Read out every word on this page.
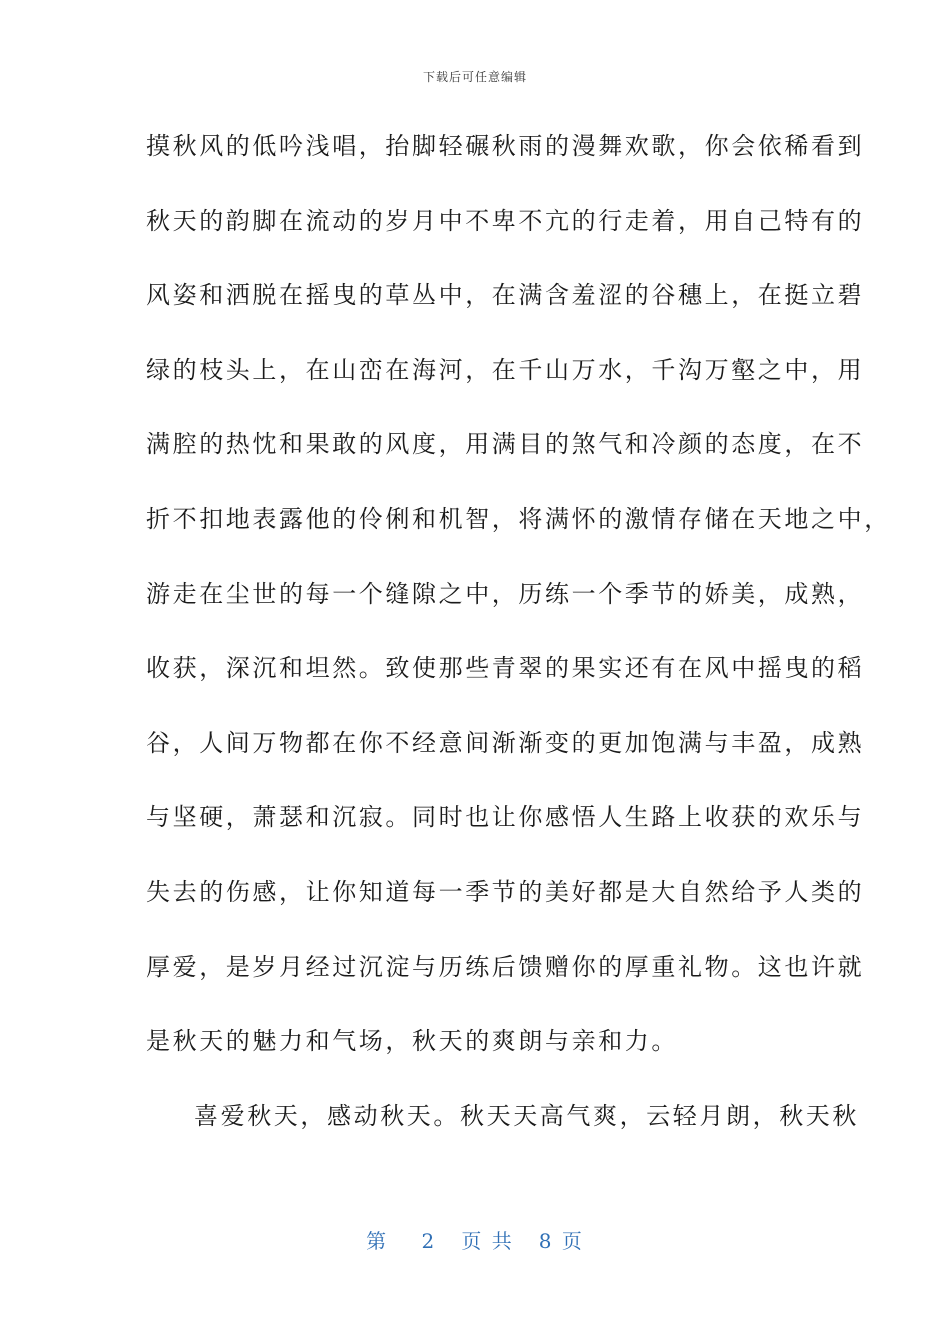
下载后可任意编辑
摸秋风的低吟浅唱，抬脚轻碾秋雨的漫舞欢歌，你会依稀看到
秋天的韵脚在流动的岁月中不卑不亢的行走着，用自己特有的
风姿和洒脱在摇曳的草丛中，在满含羞涩的谷穗上，在挺立碧
绿的枝头上，在山峦在海河，在千山万水，千沟万壑之中，用
满腔的热忱和果敢的风度，用满目的煞气和冷颜的态度，在不
折不扣地表露他的伶俐和机智，将满怀的激情存储在天地之中，
游走在尘世的每一个缝隙之中，历练一个季节的娇美，成熟，
收获，深沉和坦然。致使那些青翠的果实还有在风中摇曳的稻
谷，人间万物都在你不经意间渐渐变的更加饱满与丰盈，成熟
与坚硬，萧瑟和沉寂。同时也让你感悟人生路上收获的欢乐与
失去的伤感，让你知道每一季节的美好都是大自然给予人类的
厚爱，是岁月经过沉淀与历练后馈赠你的厚重礼物。这也许就
是秋天的魅力和气场，秋天的爽朗与亲和力。
喜爱秋天，感动秋天。秋天天高气爽，云轻月朗，秋天秋
第 2 页 共 8 页
